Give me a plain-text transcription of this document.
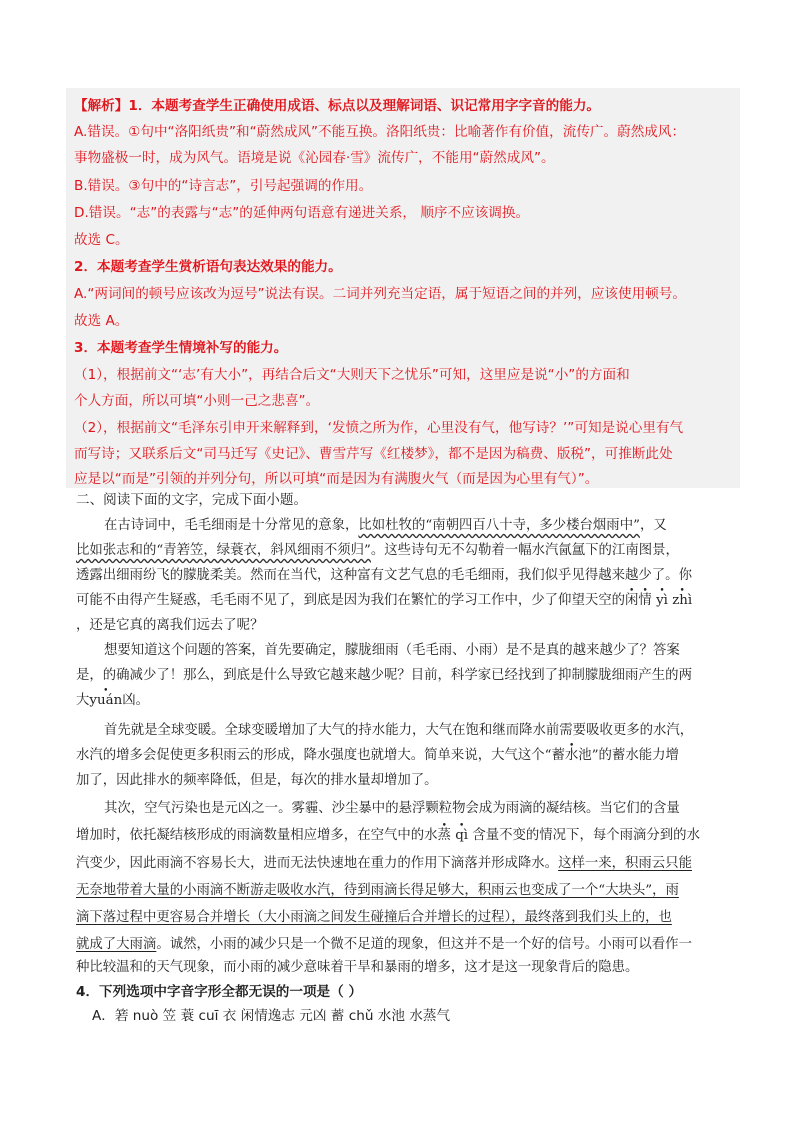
【解析】1．本题考查学生正确使用成语、标点以及理解词语、识记常用字字音的能力。
A.错误。①句中“洛阳纸贵”和“蔚然成风”不能互换。洛阳纸贵：比喻著作有价值，流传广。蔚然成风：
事物盛极一时，成为风气。语境是说《沁园春·雪》流传广，不能用“蔚然成风”。
B.错误。③句中的“诗言志”，引号起强调的作用。
D.错误。“志”的表露与“志”的延伸两句语意有递进关系， 顺序不应该调换。
故选 C。
2．本题考查学生赏析语句表达效果的能力。
A.“两词间的顿号应该改为逗号”说法有误。二词并列充当定语，属于短语之间的并列，应该使用顿号。
故选 A。
3．本题考查学生情境补写的能力。
（1），根据前文“‘志’有大小”，再结合后文“大则天下之忧乐”可知，这里应是说“小”的方面和
个人方面，所以可填“小则一己之悲喜”。
（2），根据前文“毛泽东引申开来解释到，‘发愤之所为作，心里没有气，他写诗？’”可知是说心里有气
而写诗；又联系后文“司马迁写《史记》、曹雪芹写《红楼梦》，都不是因为稿费、版税”，可推断此处
应是以“而是”引领的并列分句，所以可填“而是因为有满腹火气（而是因为心里有气）”。
二、阅读下面的文字，完成下面小题。
在古诗词中，毛毛细雨是十分常见的意象，比如杜牧的“南朝四百八十寺，多少楼台烟雨中”，又
比如张志和的“青箬笠，绿蓑衣，斜风细雨不须归”。这些诗句无不勾勒着一幅水汽氤氲下的江南图景，
透露出细雨纷飞的朦胧柔美。然而在当代，这种富有文艺气息的毛毛细雨，我们似乎见得越来越少了。你
可能不由得产生疑惑，毛毛雨不见了，到底是因为我们在繁忙的学习工作中，少了仰望天空的闲情 • yì • zhì
，还是它真的离我们远去了呢？
想要知道这个问题的答案，首先要确定，朦胧细雨（毛毛雨、小雨）是不是真的越来越少了？答案
是，的确减少了！那么，到底是什么导致它越来越少呢？目前，科学家已经找到了抑制朦胧细雨产生的两
大• yuán凶。
首先就是全球变暖。全球变暖增加了大气的持水能力，大气在饱和继而降水前需要吸收更多的水汽，
水汽的增多会促使更多积雨云的形成，降水强度也就增大。简单来说，大气这个“蓄水池”的蓄水能力增
加了，因此排水的频率降低，但是，每次的排水量却增加了。
其次，空气污染也是元凶之一。雾霾、沙尘暴中的悬浮颗粒物会成为雨滴的凝结核。当它们的含量
增加时，依托凝结核形成的雨滴数量相应增多，在空气中的水蒸 • qì 含量不变的情况下，每个雨滴分到的水
汽变少，因此雨滴不容易长大，进而无法快速地在重力的作用下滴落并形成降水。这样一来，积雨云只能
无奈地带着大量的小雨滴不断游走吸收水汽，待到雨滴长得足够大，积雨云也变成了一个“大块头”，雨
滴下落过程中更容易合并增长（大小雨滴之间发生碰撞后合并增长的过程），最终落到我们头上的，也
就成了大雨滴。诚然，小雨的减少只是一个微不足道的现象，但这并不是一个好的信号。小雨可以看作一
种比较温和的天气现象，而小雨的减少意味着干旱和暴雨的增多，这才是这一现象背后的隐患。
4．下列选项中字音字形全都无误的一项是（ ）
A．箬 nuò 笠 蓑 cuī 衣 闲情逸志 元凶 蓄 chǔ 水池 水蒸气
